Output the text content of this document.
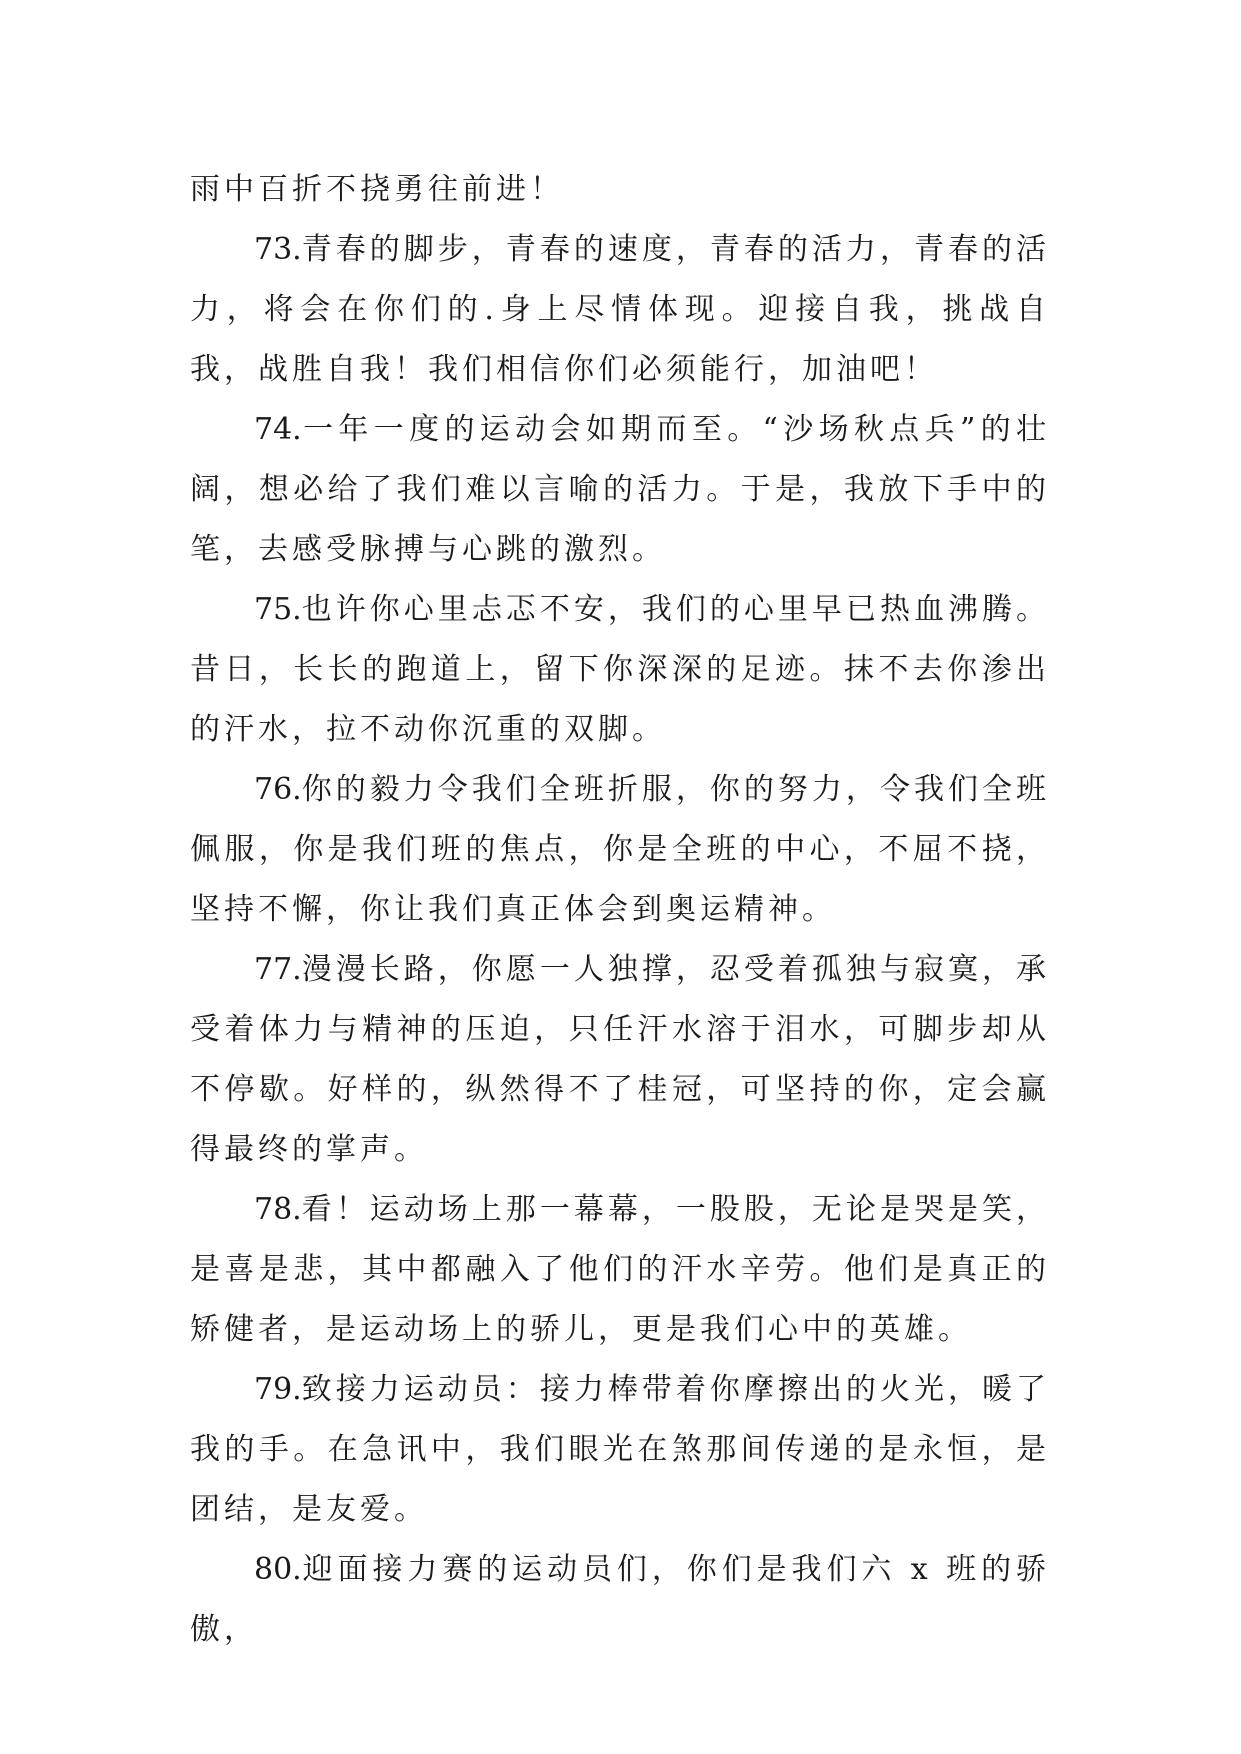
雨中百折不挠勇往前进！

73.青春的脚步，青春的速度，青春的活力，青春的活力，将会在你们的.身上尽情体现。迎接自我，挑战自我，战胜自我！我们相信你们必须能行，加油吧！

74.一年一度的运动会如期而至。“沙场秋点兵”的壮阔，想必给了我们难以言喻的活力。于是，我放下手中的笔，去感受脉搏与心跳的激烈。

75.也许你心里忐忑不安，我们的心里早已热血沸腾。昔日，长长的跑道上，留下你深深的足迹。抹不去你渗出的汗水，拉不动你沉重的双脚。

76.你的毅力令我们全班折服，你的努力，令我们全班佩服，你是我们班的焦点，你是全班的中心，不屈不挠，坚持不懈，你让我们真正体会到奥运精神。

77.漫漫长路，你愿一人独撑，忍受着孤独与寂寞，承受着体力与精神的压迫，只任汗水溶于泪水，可脚步却从不停歇。好样的，纵然得不了桂冠，可坚持的你，定会赢得最终的掌声。

78.看！运动场上那一幕幕，一股股，无论是哭是笑，是喜是悲，其中都融入了他们的汗水辛劳。他们是真正的矫健者，是运动场上的骄儿，更是我们心中的英雄。

79.致接力运动员：接力棒带着你摩擦出的火光，暖了我的手。在急讯中，我们眼光在煞那间传递的是永恒，是团结，是友爱。

80.迎面接力赛的运动员们，你们是我们六 x 班的骄傲，
